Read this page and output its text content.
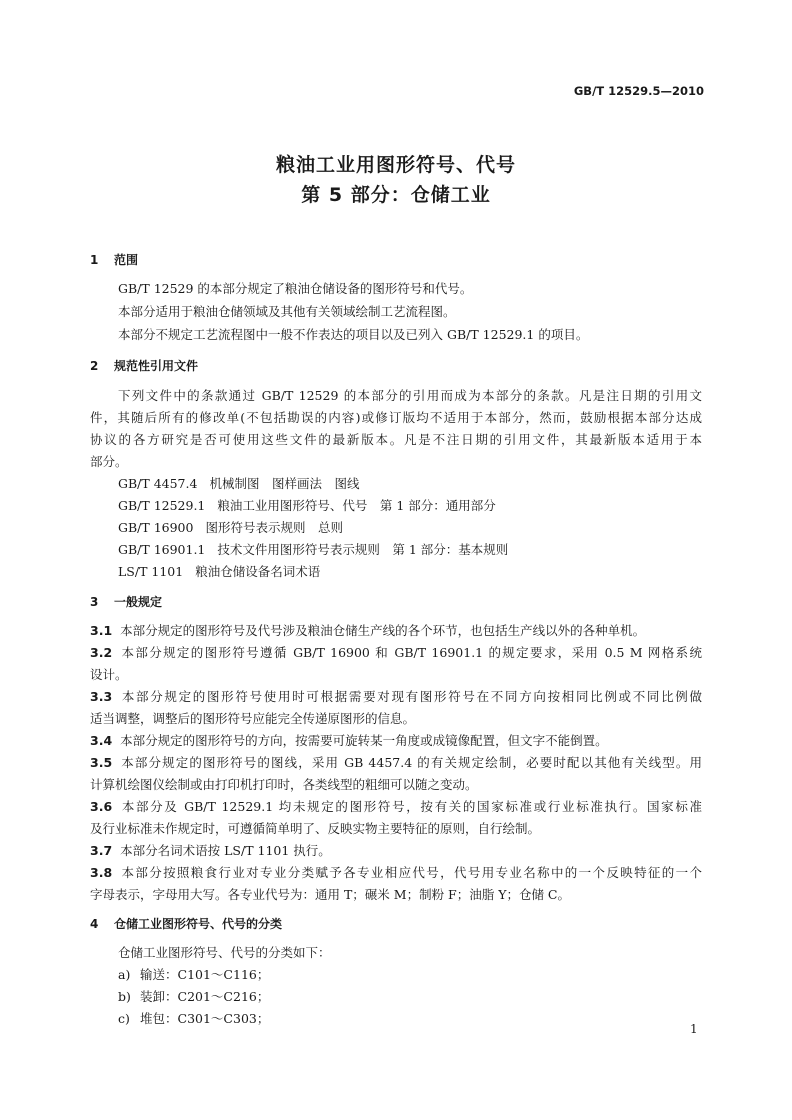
GB/T 12529.5—2010
粮油工业用图形符号、代号
第 5 部分：仓储工业
1 范围
GB/T 12529 的本部分规定了粮油仓储设备的图形符号和代号。
本部分适用于粮油仓储领域及其他有关领域绘制工艺流程图。
本部分不规定工艺流程图中一般不作表达的项目以及已列入 GB/T 12529.1 的项目。
2 规范性引用文件
下列文件中的条款通过 GB/T 12529 的本部分的引用而成为本部分的条款。凡是注日期的引用文
件，其随后所有的修改单(不包括勘误的内容)或修订版均不适用于本部分，然而，鼓励根据本部分达成
协议的各方研究是否可使用这些文件的最新版本。凡是不注日期的引用文件，其最新版本适用于本
部分。
GB/T 4457.4 机械制图　图样画法　图线
GB/T 12529.1 粮油工业用图形符号、代号　第 1 部分：通用部分
GB/T 16900 图形符号表示规则　总则
GB/T 16901.1 技术文件用图形符号表示规则　第 1 部分：基本规则
LS/T 1101 粮油仓储设备名词术语
3 一般规定
3.1 本部分规定的图形符号及代号涉及粮油仓储生产线的各个环节，也包括生产线以外的各种单机。
3.2 本部分规定的图形符号遵循 GB/T 16900 和 GB/T 16901.1 的规定要求，采用 0.5 M 网格系统
设计。
3.3 本部分规定的图形符号使用时可根据需要对现有图形符号在不同方向按相同比例或不同比例做
适当调整，调整后的图形符号应能完全传递原图形的信息。
3.4 本部分规定的图形符号的方向，按需要可旋转某一角度或成镜像配置，但文字不能倒置。
3.5 本部分规定的图形符号的图线，采用 GB 4457.4 的有关规定绘制，必要时配以其他有关线型。用
计算机绘图仪绘制或由打印机打印时，各类线型的粗细可以随之变动。
3.6 本部分及 GB/T 12529.1 均未规定的图形符号，按有关的国家标准或行业标准执行。国家标准
及行业标准未作规定时，可遵循简单明了、反映实物主要特征的原则，自行绘制。
3.7 本部分名词术语按 LS/T 1101 执行。
3.8 本部分按照粮食行业对专业分类赋予各专业相应代号，代号用专业名称中的一个反映特征的一个
字母表示，字母用大写。各专业代号为：通用 T；碾米 M；制粉 F；油脂 Y；仓储 C。
4 仓储工业图形符号、代号的分类
仓储工业图形符号、代号的分类如下：
a) 输送：C101～C116；
b) 装卸：C201～C216；
c) 堆包：C301～C303；
1
